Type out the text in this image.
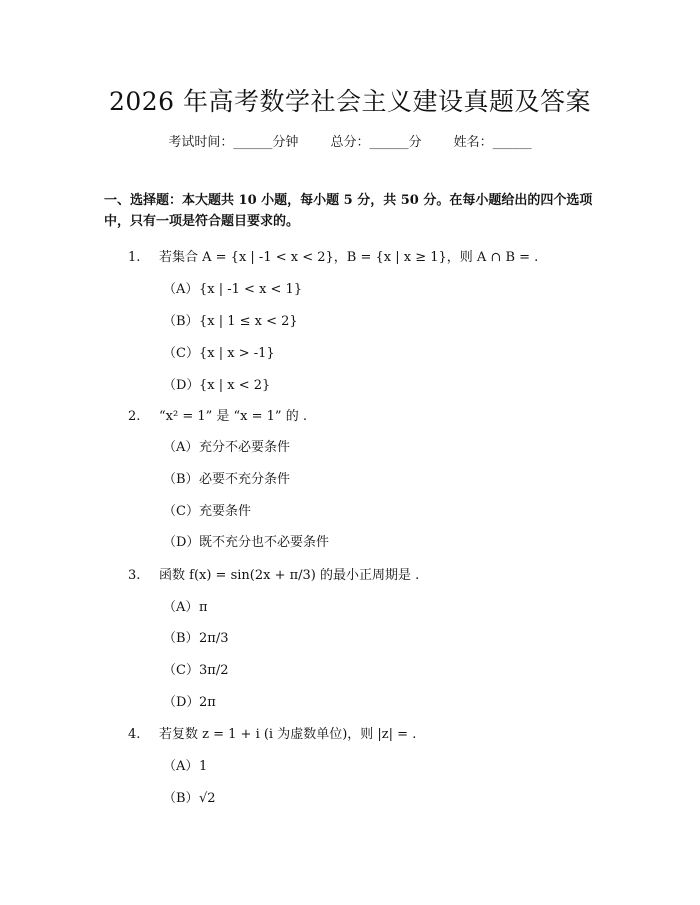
2026 年高考数学社会主义建设真题及答案
考试时间：______分钟 总分：______分 姓名：______
一、选择题：本大题共 10 小题，每小题 5 分，共 50 分。在每小题给出的四个选项中，只有一项是符合题目要求的。
1. 若集合 A = {x | -1 < x < 2}，B = {x | x ≥ 1}，则 A ∩ B = .
（A）{x | -1 < x < 1}
（B）{x | 1 ≤ x < 2}
（C）{x | x > -1}
（D）{x | x < 2}
2. “x² = 1” 是 “x = 1” 的 .
（A）充分不必要条件
（B）必要不充分条件
（C）充要条件
（D）既不充分也不必要条件
3. 函数 f(x) = sin(2x + π/3) 的最小正周期是 .
（A）π
（B）2π/3
（C）3π/2
（D）2π
4. 若复数 z = 1 + i (i 为虚数单位)，则 |z| = .
（A）1
（B）√2
